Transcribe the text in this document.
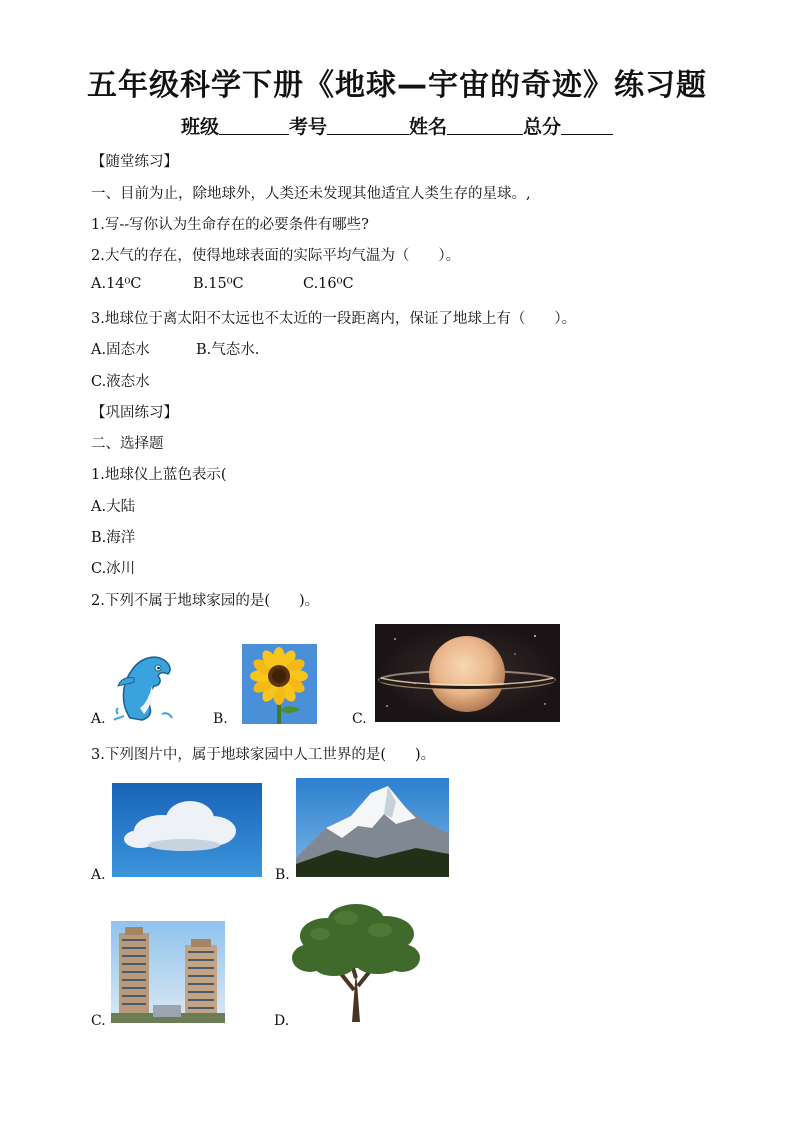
五年级科学下册《地球—宇宙的奇迹》练习题
班级	考号	姓名	总分
【随堂练习】
一、目前为止，除地球外，人类还未发现其他适宜人类生存的星球。,
1.写--写你认为生命存在的必要条件有哪些?
2.大气的存在，使得地球表面的实际平均气温为（　　）。
A.14⁰C	B.15⁰C	C.16⁰C
3.地球位于离太阳不太远也不太近的一段距离内，保证了地球上有（　　）。
A.固态水	B.气态水.
C.液态水
【巩固练习】
二、选择题
1.地球仪上蓝色表示(
A.大陆
B.海洋
C.冰川
2.下列不属于地球家园的是(　　)。
A.	B.	C.
3.下列图片中，属于地球家园中人工世界的是(　　)。
A.	B.
C.	D.
